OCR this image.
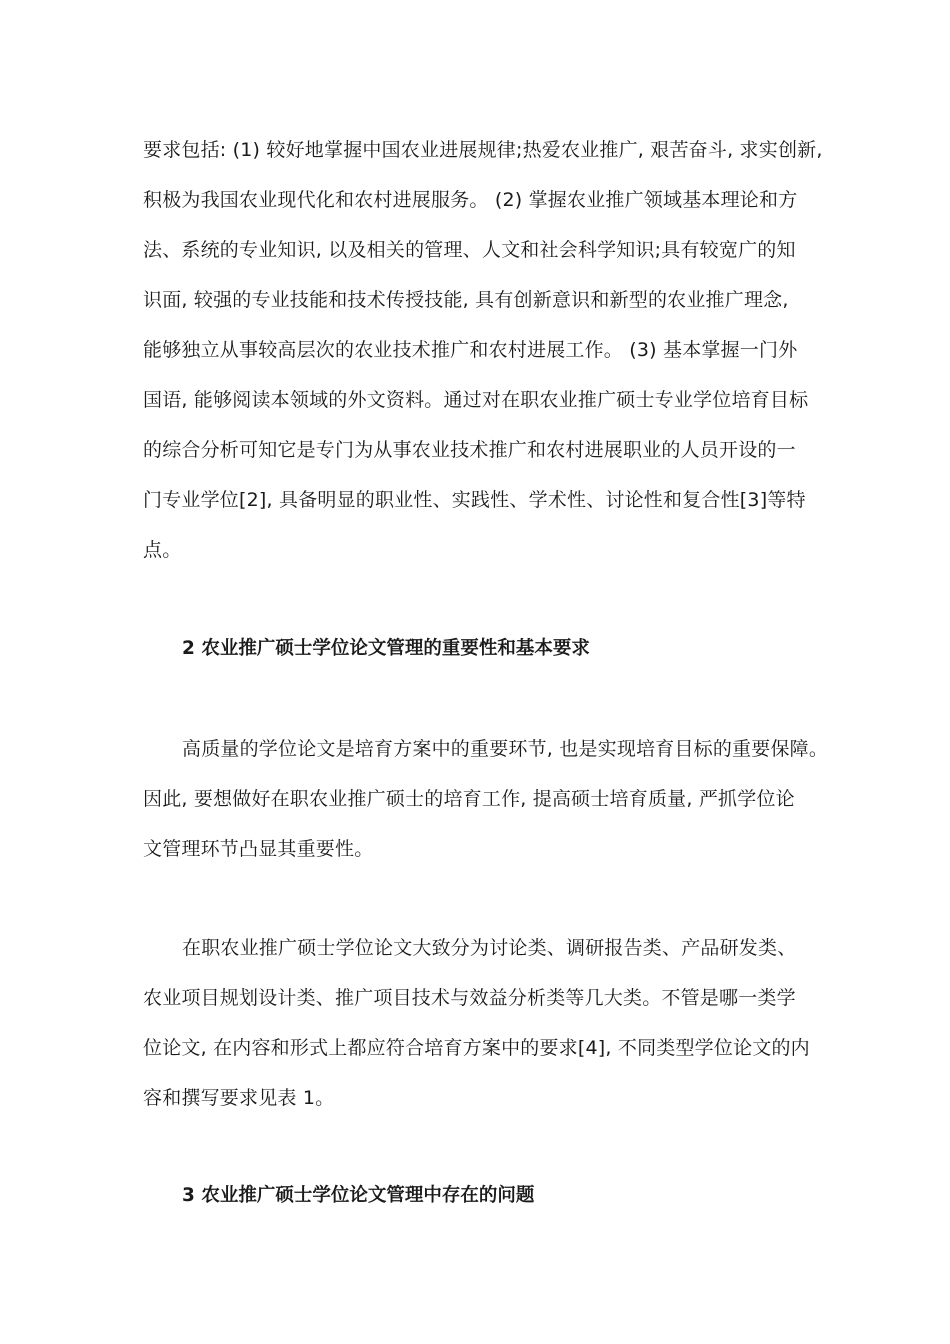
要求包括: (1) 较好地掌握中国农业进展规律;热爱农业推广, 艰苦奋斗, 求实创新,
积极为我国农业现代化和农村进展服务。 (2) 掌握农业推广领域基本理论和方
法、系统的专业知识, 以及相关的管理、人文和社会科学知识;具有较宽广的知
识面, 较强的专业技能和技术传授技能, 具有创新意识和新型的农业推广理念,
能够独立从事较高层次的农业技术推广和农村进展工作。 (3) 基本掌握一门外
国语, 能够阅读本领域的外文资料。通过对在职农业推广硕士专业学位培育目标
的综合分析可知它是专门为从事农业技术推广和农村进展职业的人员开设的一
门专业学位[2], 具备明显的职业性、实践性、学术性、讨论性和复合性[3]等特
点。
2 农业推广硕士学位论文管理的重要性和基本要求
高质量的学位论文是培育方案中的重要环节, 也是实现培育目标的重要保障。
因此, 要想做好在职农业推广硕士的培育工作, 提高硕士培育质量, 严抓学位论
文管理环节凸显其重要性。
在职农业推广硕士学位论文大致分为讨论类、调研报告类、产品研发类、
农业项目规划设计类、推广项目技术与效益分析类等几大类。不管是哪一类学
位论文, 在内容和形式上都应符合培育方案中的要求[4], 不同类型学位论文的内
容和撰写要求见表 1。
3 农业推广硕士学位论文管理中存在的问题
